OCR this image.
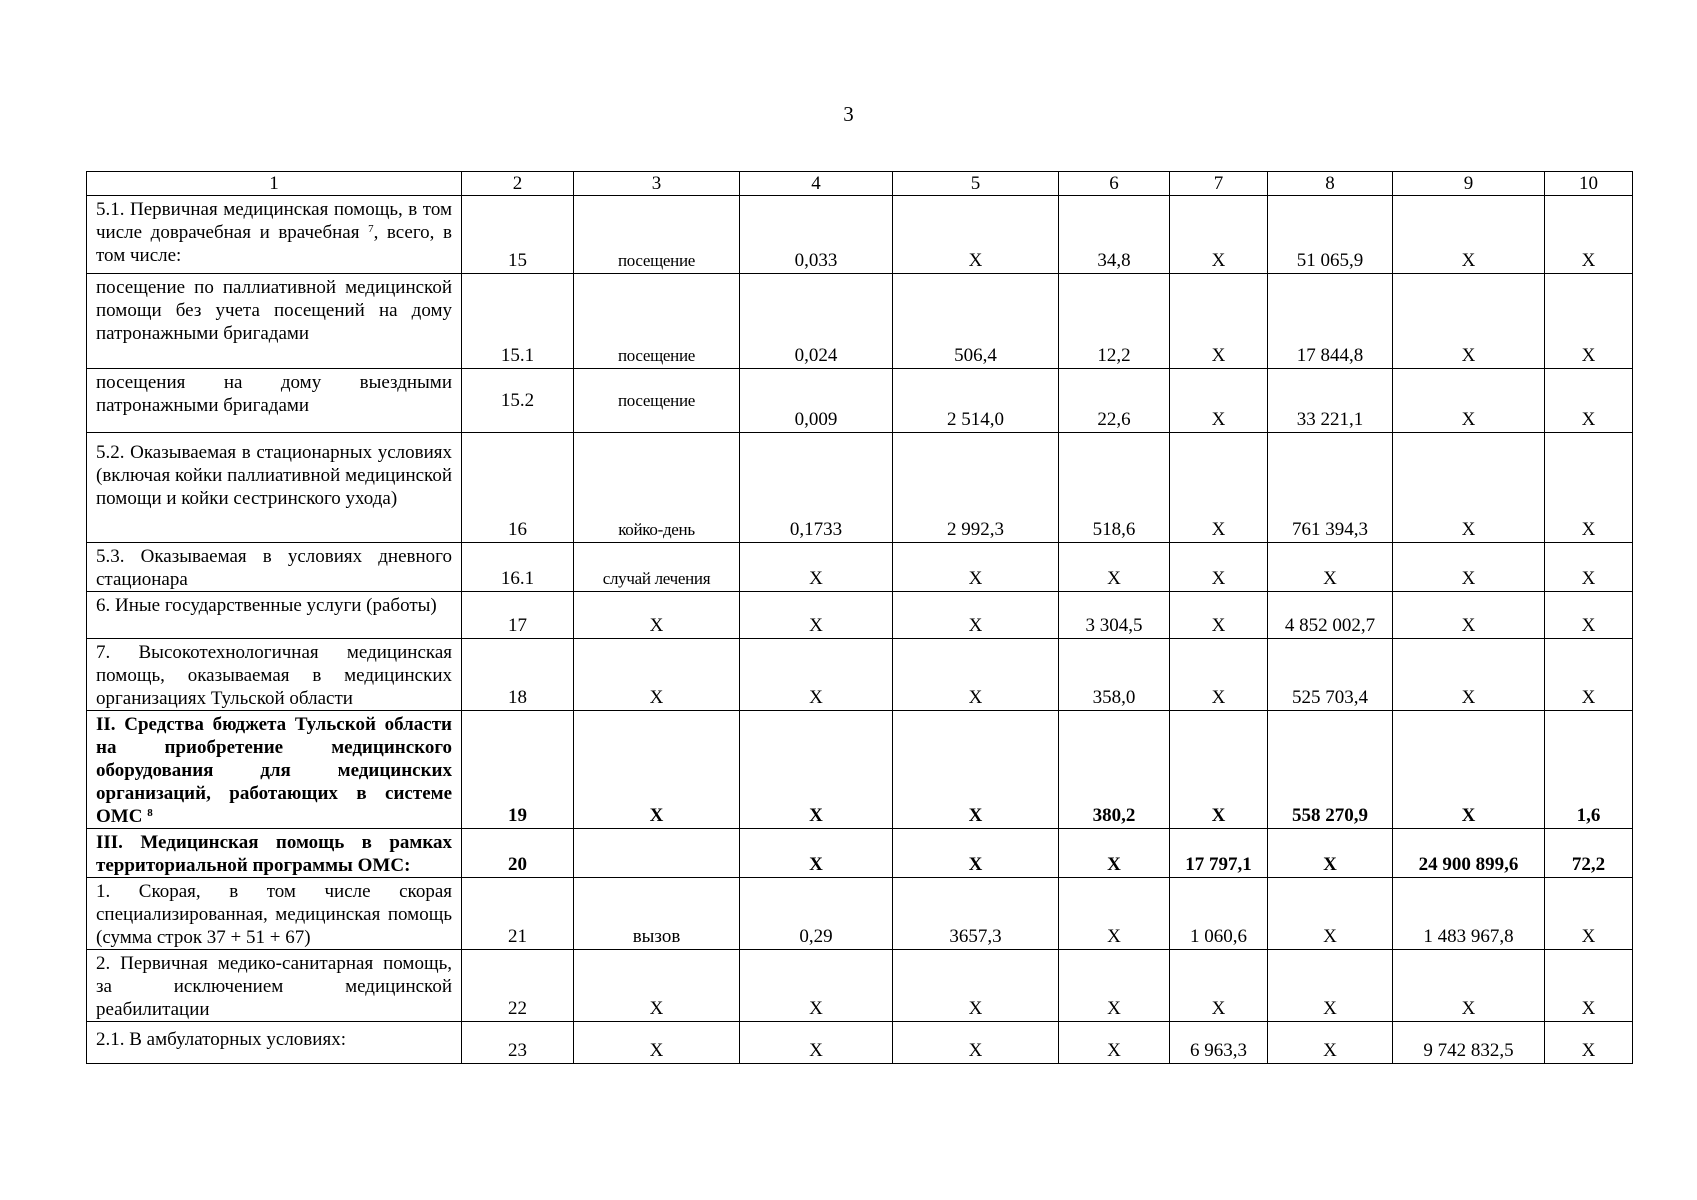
3
1	2	3	4	5	6	7	8	9	10
5.1. Первичная медицинская помощь, в том числе доврачебная и врачебная $^7$, всего, в том числе:	15	посещение	0,033	Х	34,8	Х	51 065,9	Х	Х
посещение по паллиативной медицинской помощи без учета посещений на дому патронажными бригадами	15.1	посещение	0,024	506,4	12,2	Х	17 844,8	Х	Х
посещения на дому выездными патронажными бригадами	15.2	посещение	0,009	2 514,0	22,6	Х	33 221,1	Х	Х
5.2. Оказываемая в стационарных условиях (включая койки паллиативной медицинской помощи и койки сестринского ухода)	16	койко-день	0,1733	2 992,3	518,6	Х	761 394,3	Х	Х
5.3. Оказываемая в условиях дневного стационара	16.1	случай лечения	Х	Х	Х	Х	Х	Х	Х
6. Иные государственные услуги (работы)	17	Х	Х	Х	3 304,5	Х	4 852 002,7	Х	Х
7. Высокотехнологичная медицинская помощь, оказываемая в медицинских организациях Тульской области	18	Х	Х	Х	358,0	Х	525 703,4	Х	Х
II. Средства бюджета Тульской области на приобретение медицинского оборудования для медицинских организаций, работающих в системе ОМС $^8$	19	Х	Х	Х	380,2	Х	558 270,9	Х	1,6
III. Медицинская помощь в рамках территориальной программы ОМС:	20		Х	Х	Х	17 797,1	Х	24 900 899,6	72,2
1. Скорая, в том числе скорая специализированная, медицинская помощь (сумма строк 37 + 51 + 67)	21	вызов	0,29	3657,3	Х	1 060,6	Х	1 483 967,8	Х
2. Первичная медико-санитарная помощь, за исключением медицинской реабилитации	22	Х	Х	Х	Х	Х	Х	Х	Х
2.1. В амбулаторных условиях:	23	Х	Х	Х	Х	6 963,3	Х	9 742 832,5	Х
